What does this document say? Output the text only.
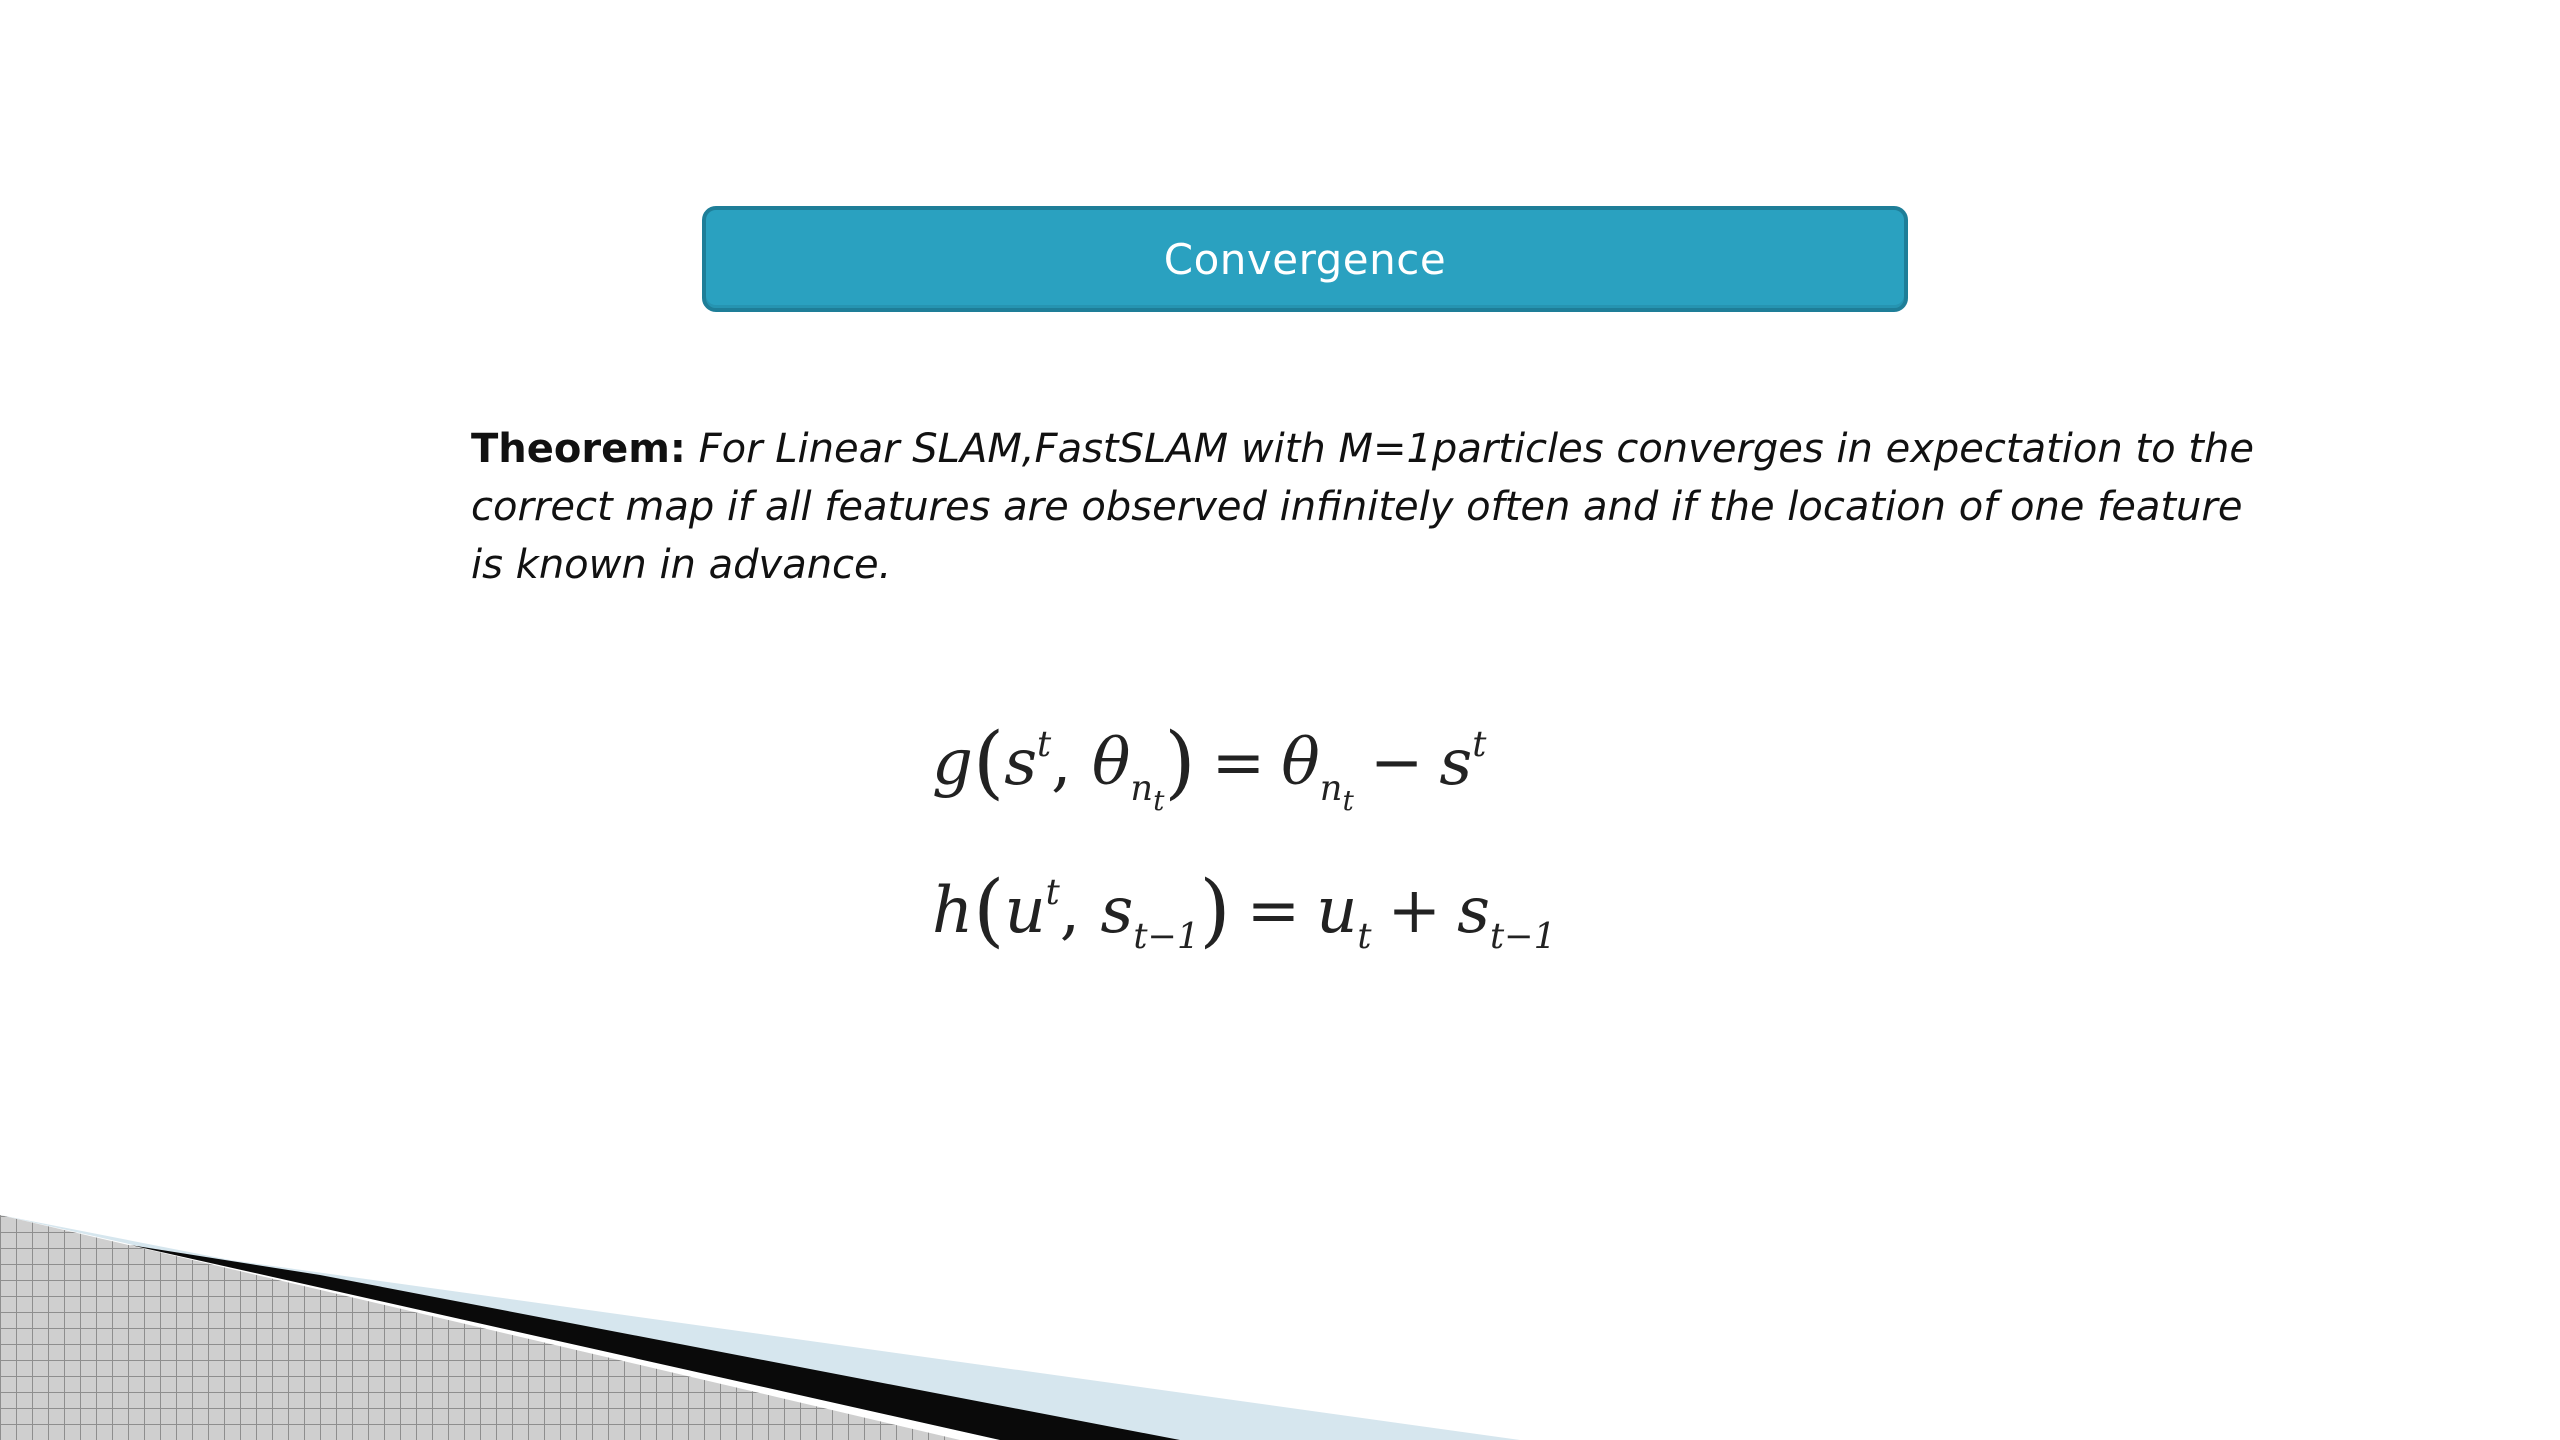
Convergence
Theorem: For Linear SLAM,FastSLAM with M=1particles converges in expectation to the correct map if all features are observed infinitely often and if the location of one feature is known in advance.
$g(s^t$, $\theta_{n_t}) = \theta_{n_t}- s^t$
$h(u^t$, $s_{t-1}) = u_t + s_{t-1}$
